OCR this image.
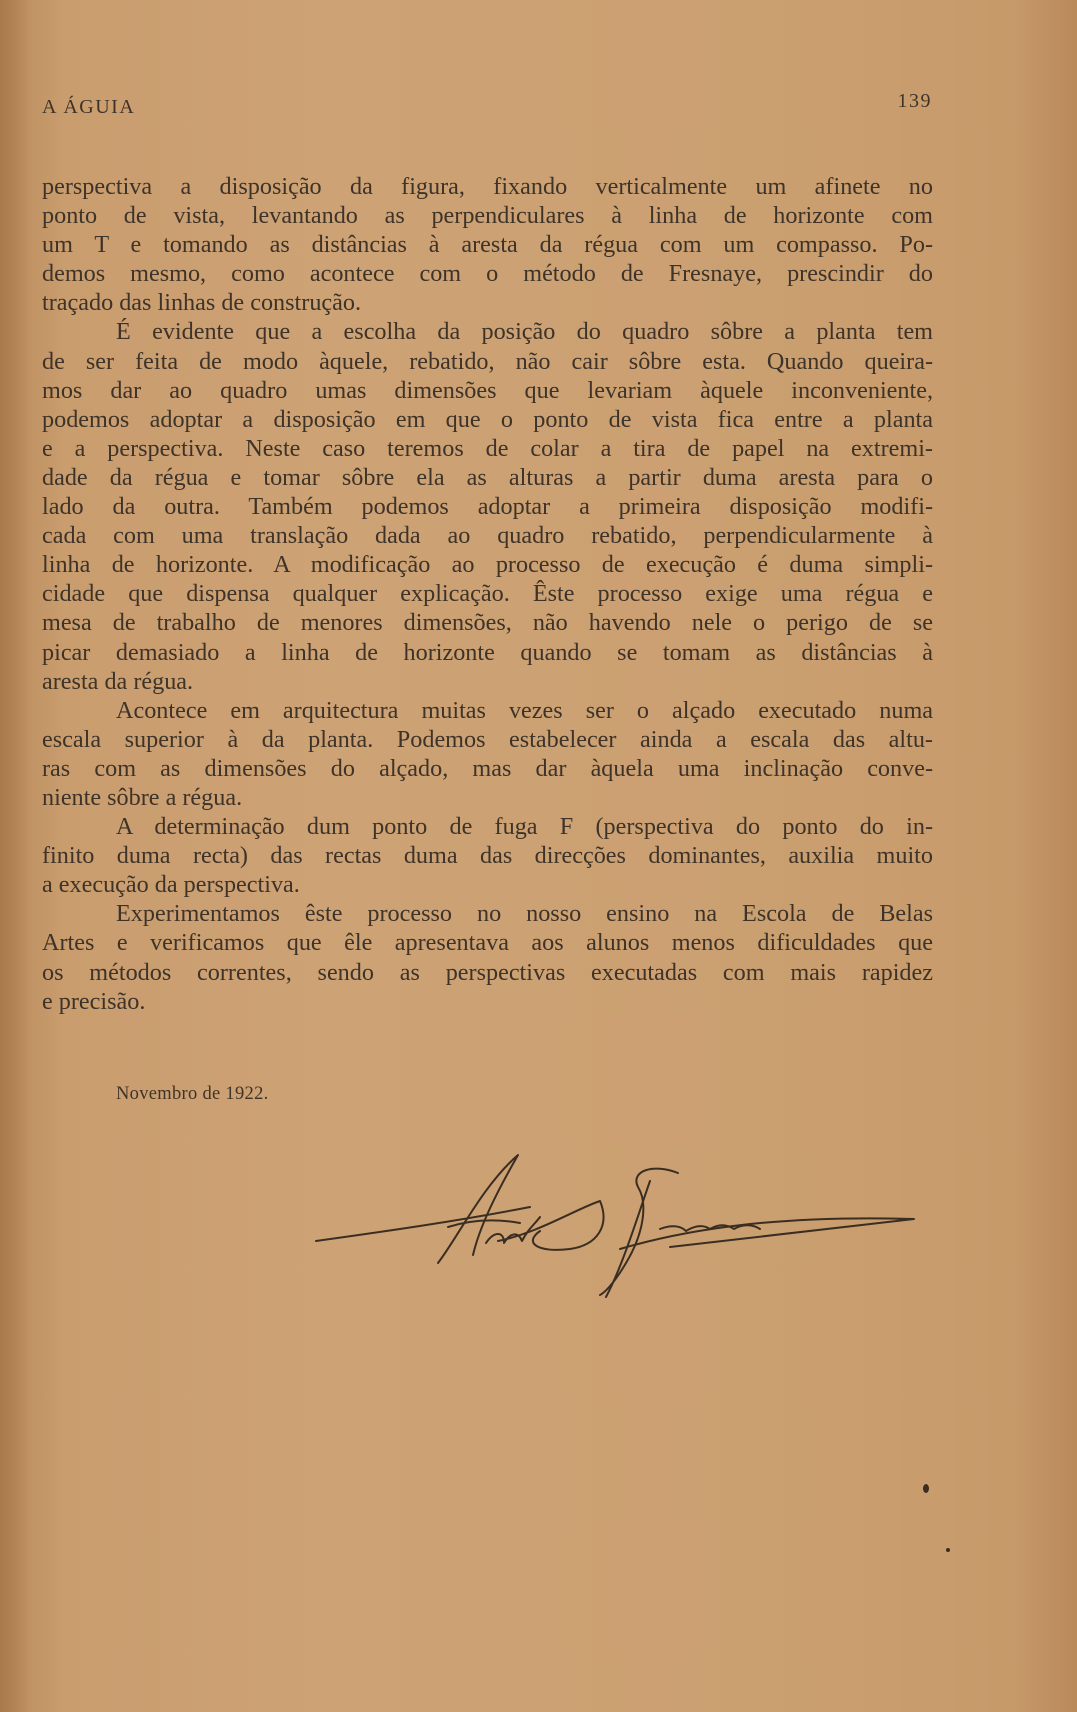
A ÁGUIA	139
perspectiva a disposição da figura, fixando verticalmente um afinete no
ponto de vista, levantando as perpendiculares à linha de horizonte com
um T e tomando as distâncias à aresta da régua com um compasso. Po-
demos mesmo, como acontece com o método de Fresnaye, prescindir do
traçado das linhas de construção.
É evidente que a escolha da posição do quadro sôbre a planta tem
de ser feita de modo àquele, rebatido, não cair sôbre esta. Quando queira-
mos dar ao quadro umas dimensões que levariam àquele inconveniente,
podemos adoptar a disposição em que o ponto de vista fica entre a planta
e a perspectiva. Neste caso teremos de colar a tira de papel na extremi-
dade da régua e tomar sôbre ela as alturas a partir duma aresta para o
lado da outra. Também podemos adoptar a primeira disposição modifi-
cada com uma translação dada ao quadro rebatido, perpendicularmente à
linha de horizonte. A modificação ao processo de execução é duma simpli-
cidade que dispensa qualquer explicação. Êste processo exige uma régua e
mesa de trabalho de menores dimensões, não havendo nele o perigo de se
picar demasiado a linha de horizonte quando se tomam as distâncias à
aresta da régua.
Acontece em arquitectura muitas vezes ser o alçado executado numa
escala superior à da planta. Podemos estabelecer ainda a escala das altu-
ras com as dimensões do alçado, mas dar àquela uma inclinação conve-
niente sôbre a régua.
A determinação dum ponto de fuga F (perspectiva do ponto do in-
finito duma recta) das rectas duma das direcções dominantes, auxilia muito
a execução da perspectiva.
Experimentamos êste processo no nosso ensino na Escola de Belas
Artes e verificamos que êle apresentava aos alunos menos dificuldades que
os métodos correntes, sendo as perspectivas executadas com mais rapidez
e precisão.
Novembro de 1922.
